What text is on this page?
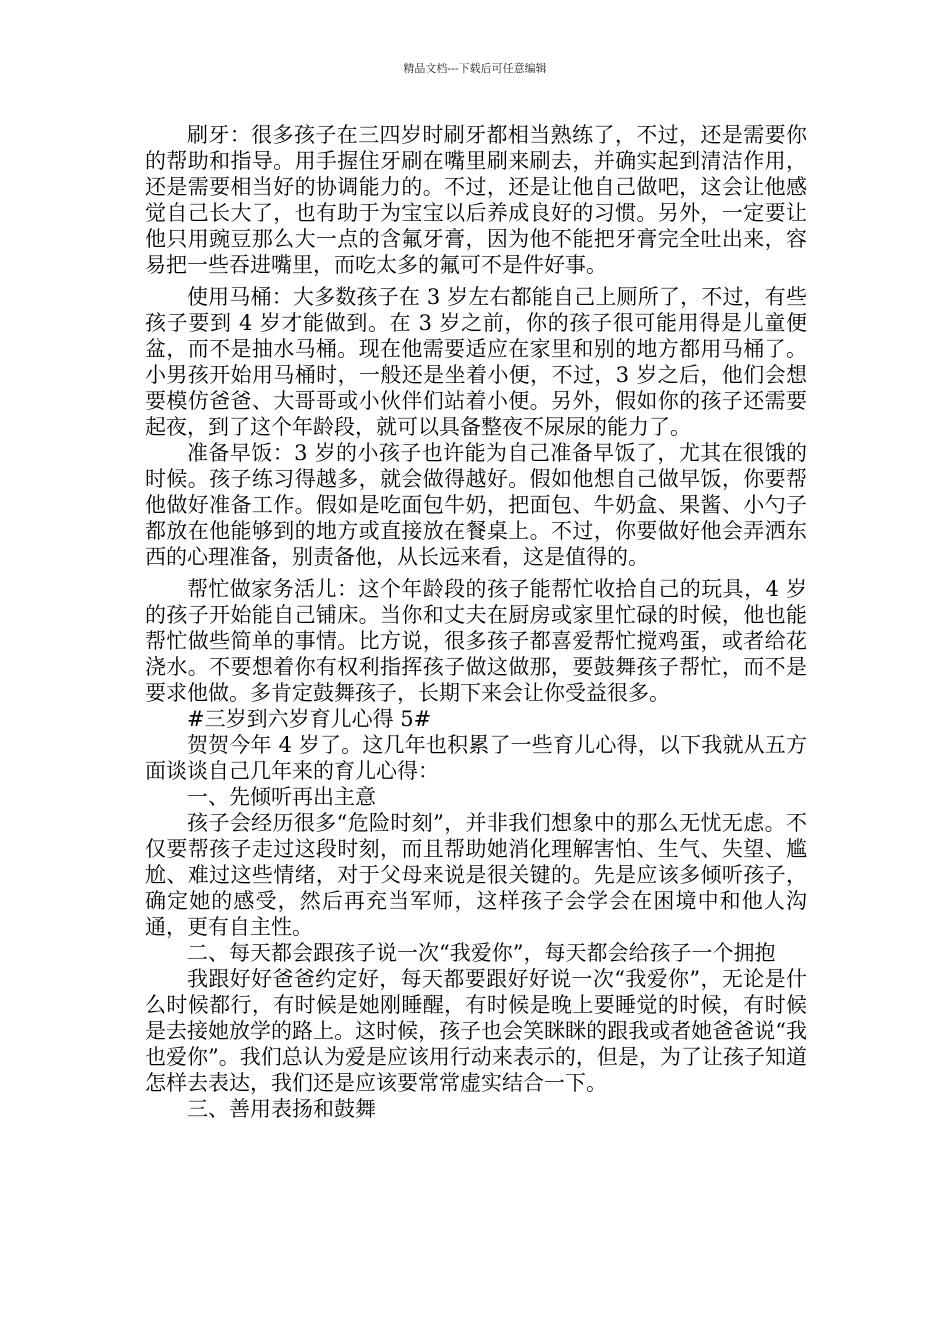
精品文档---下载后可任意编辑

刷牙：很多孩子在三四岁时刷牙都相当熟练了，不过，还是需要你的帮助和指导。用手握住牙刷在嘴里刷来刷去，并确实起到清洁作用，还是需要相当好的协调能力的。不过，还是让他自己做吧，这会让他感觉自己长大了，也有助于为宝宝以后养成良好的习惯。另外，一定要让他只用豌豆那么大一点的含氟牙膏，因为他不能把牙膏完全吐出来，容易把一些吞进嘴里，而吃太多的氟可不是件好事。

使用马桶：大多数孩子在 3 岁左右都能自己上厕所了，不过，有些孩子要到 4 岁才能做到。在 3 岁之前，你的孩子很可能用得是儿童便盆，而不是抽水马桶。现在他需要适应在家里和别的地方都用马桶了。小男孩开始用马桶时，一般还是坐着小便，不过，3 岁之后，他们会想要模仿爸爸、大哥哥或小伙伴们站着小便。另外，假如你的孩子还需要起夜，到了这个年龄段，就可以具备整夜不尿尿的能力了。

准备早饭：3 岁的小孩子也许能为自己准备早饭了，尤其在很饿的时候。孩子练习得越多，就会做得越好。假如他想自己做早饭，你要帮他做好准备工作。假如是吃面包牛奶，把面包、牛奶盒、果酱、小勺子都放在他能够到的地方或直接放在餐桌上。不过，你要做好他会弄洒东西的心理准备，别责备他，从长远来看，这是值得的。

帮忙做家务活儿：这个年龄段的孩子能帮忙收拾自己的玩具，4 岁的孩子开始能自己铺床。当你和丈夫在厨房或家里忙碌的时候，他也能帮忙做些简单的事情。比方说，很多孩子都喜爱帮忙搅鸡蛋，或者给花浇水。不要想着你有权利指挥孩子做这做那，要鼓舞孩子帮忙，而不是要求他做。多肯定鼓舞孩子，长期下来会让你受益很多。

#三岁到六岁育儿心得 5#

贺贺今年 4 岁了。这几年也积累了一些育儿心得，以下我就从五方面谈谈自己几年来的育儿心得：

一、先倾听再出主意

孩子会经历很多“危险时刻”，并非我们想象中的那么无忧无虑。不仅要帮孩子走过这段时刻，而且帮助她消化理解害怕、生气、失望、尴尬、难过这些情绪，对于父母来说是很关键的。先是应该多倾听孩子，确定她的感受，然后再充当军师，这样孩子会学会在困境中和他人沟通，更有自主性。

二、每天都会跟孩子说一次“我爱你”，每天都会给孩子一个拥抱

我跟好好爸爸约定好，每天都要跟好好说一次“我爱你”，无论是什么时候都行，有时候是她刚睡醒，有时候是晚上要睡觉的时候，有时候是去接她放学的路上。这时候，孩子也会笑眯眯的跟我或者她爸爸说“我也爱你”。我们总认为爱是应该用行动来表示的，但是，为了让孩子知道怎样去表达，我们还是应该要常常虚实结合一下。

三、善用表扬和鼓舞
